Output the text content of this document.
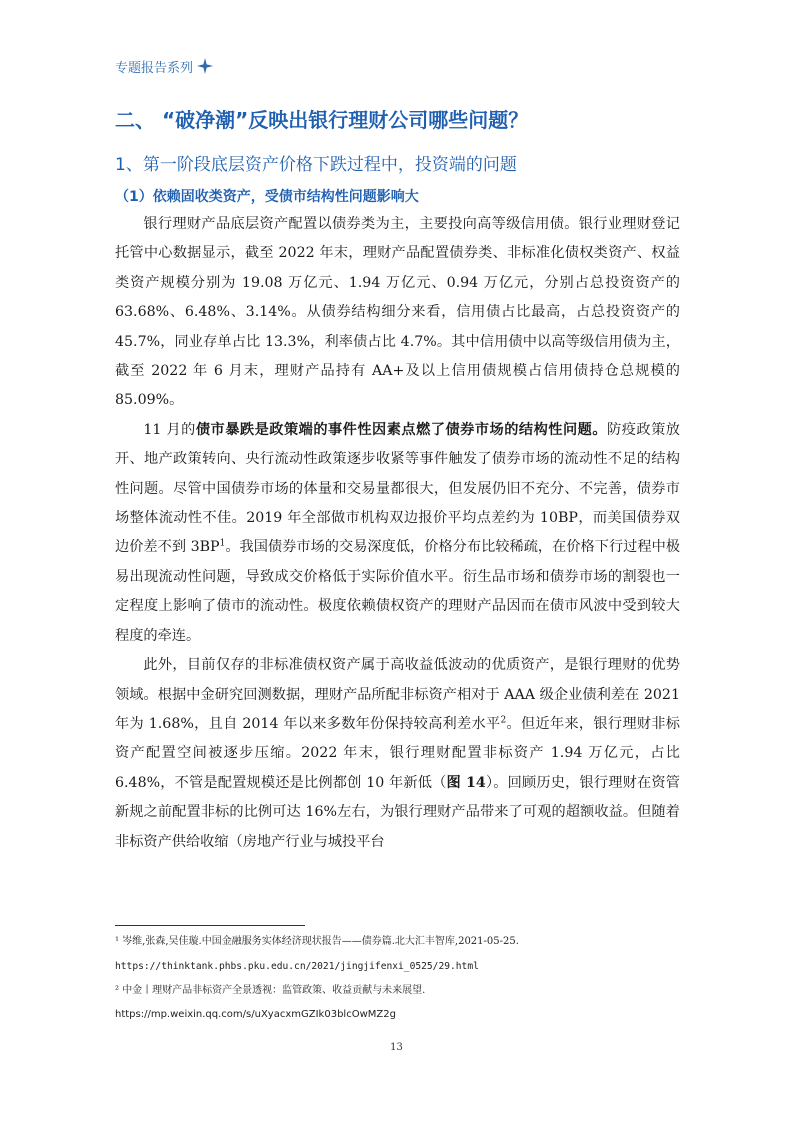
专题报告系列
二、 “破净潮”反映出银行理财公司哪些问题？
1、第一阶段底层资产价格下跌过程中，投资端的问题
（1）依赖固收类资产，受债市结构性问题影响大

银行理财产品底层资产配置以债券类为主，主要投向高等级信用债。银行业理财登记托管中心数据显示，截至 2022 年末，理财产品配置债券类、非标准化债权类资产、权益类资产规模分别为 19.08 万亿元、1.94 万亿元、0.94 万亿元，分别占总投资资产的 63.68%、6.48%、3.14%。从债券结构细分来看，信用债占比最高，占总投资资产的 45.7%，同业存单占比 13.3%，利率债占比 4.7%。其中信用债中以高等级信用债为主，截至 2022 年 6 月末，理财产品持有 AA+及以上信用债规模占信用债持仓总规模的 85.09%。

11 月的债市暴跌是政策端的事件性因素点燃了债券市场的结构性问题。防疫政策放开、地产政策转向、央行流动性政策逐步收紧等事件触发了债券市场的流动性不足的结构性问题。尽管中国债券市场的体量和交易量都很大，但发展仍旧不充分、不完善，债券市场整体流动性不佳。2019 年全部做市机构双边报价平均点差约为 10BP，而美国债券双边价差不到 $3BP^1$。我国债券市场的交易深度低，价格分布比较稀疏，在价格下行过程中极易出现流动性问题，导致成交价格低于实际价值水平。衍生品市场和债券市场的割裂也一定程度上影响了债市的流动性。极度依赖债权资产的理财产品因而在债市风波中受到较大程度的牵连。

此外，目前仅存的非标准债权资产属于高收益低波动的优质资产，是银行理财的优势领域。根据中金研究回测数据，理财产品所配非标资产相对于 AAA 级企业债利差在 2021 年为 1.68%，且自 2014 年以来多数年份保持较高利差水平$^2$。但近年来，银行理财非标资产配置空间被逐步压缩。2022 年末，银行理财配置非标资产 1.94 万亿元，占比 6.48%，不管是配置规模还是比例都创 10 年新低（图 14）。回顾历史，银行理财在资管新规之前配置非标的比例可达 16%左右，为银行理财产品带来了可观的超额收益。但随着非标资产供给收缩（房地产行业与城投平台

¹ 岑维,张森,吴佳璇.中国金融服务实体经济现状报告——债券篇.北大汇丰智库,2021-05-25.
https://thinktank.phbs.pku.edu.cn/2021/jingjifenxi_0525/29.html
² 中金丨理财产品非标资产全景透视：监管政策、收益贡献与未来展望.
https://mp.weixin.qq.com/s/uXyacxmGZIk03blcOwMZ2g
13
